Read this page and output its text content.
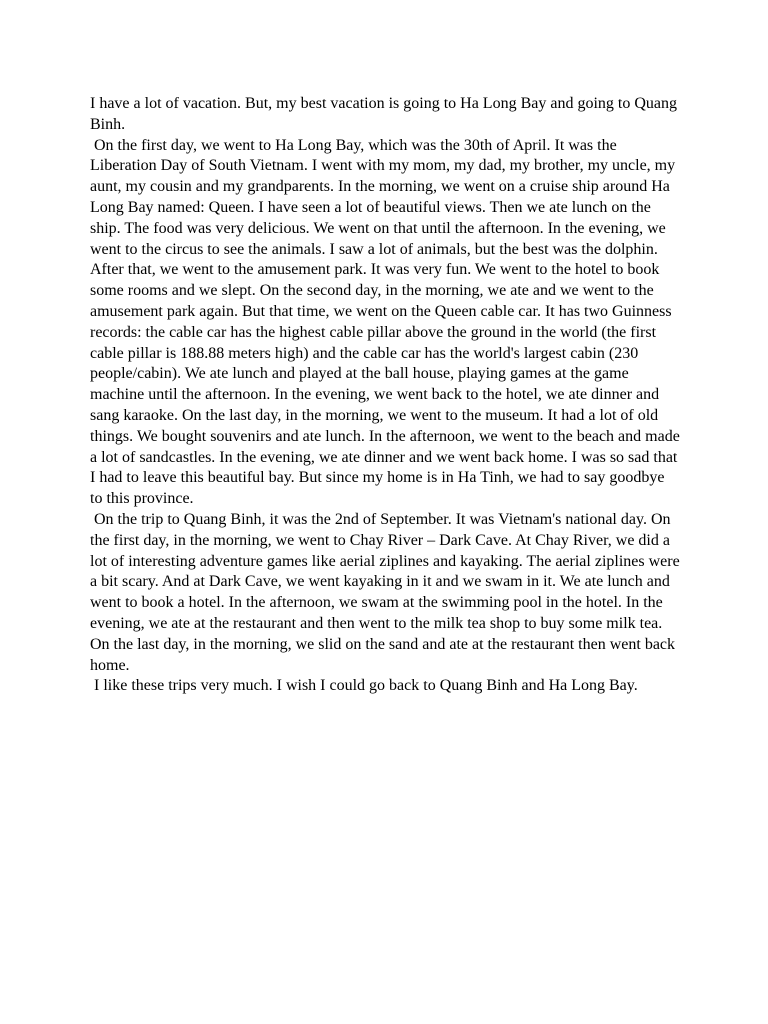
I have a lot of vacation. But, my best vacation is going to Ha Long Bay and going to Quang Binh.

On the first day, we went to Ha Long Bay, which was the 30th of April. It was the Liberation Day of South Vietnam. I went with my mom, my dad, my brother, my uncle, my aunt, my cousin and my grandparents. In the morning, we went on a cruise ship around Ha Long Bay named: Queen. I have seen a lot of beautiful views. Then we ate lunch on the ship. The food was very delicious. We went on that until the afternoon. In the evening, we went to the circus to see the animals. I saw a lot of animals, but the best was the dolphin. After that, we went to the amusement park. It was very fun. We went to the hotel to book some rooms and we slept. On the second day, in the morning, we ate and we went to the amusement park again. But that time, we went on the Queen cable car. It has two Guinness records: the cable car has the highest cable pillar above the ground in the world (the first cable pillar is 188.88 meters high) and the cable car has the world's largest cabin (230 people/cabin). We ate lunch and played at the ball house, playing games at the game machine until the afternoon. In the evening, we went back to the hotel, we ate dinner and sang karaoke. On the last day, in the morning, we went to the museum. It had a lot of old things. We bought souvenirs and ate lunch. In the afternoon, we went to the beach and made a lot of sandcastles. In the evening, we ate dinner and we went back home. I was so sad that I had to leave this beautiful bay. But since my home is in Ha Tinh, we had to say goodbye to this province.

On the trip to Quang Binh, it was the 2nd of September. It was Vietnam's national day. On the first day, in the morning, we went to Chay River – Dark Cave. At Chay River, we did a lot of interesting adventure games like aerial ziplines and kayaking. The aerial ziplines were a bit scary. And at Dark Cave, we went kayaking in it and we swam in it. We ate lunch and went to book a hotel. In the afternoon, we swam at the swimming pool in the hotel. In the evening, we ate at the restaurant and then went to the milk tea shop to buy some milk tea. On the last day, in the morning, we slid on the sand and ate at the restaurant then went back home.

I like these trips very much. I wish I could go back to Quang Binh and Ha Long Bay.
